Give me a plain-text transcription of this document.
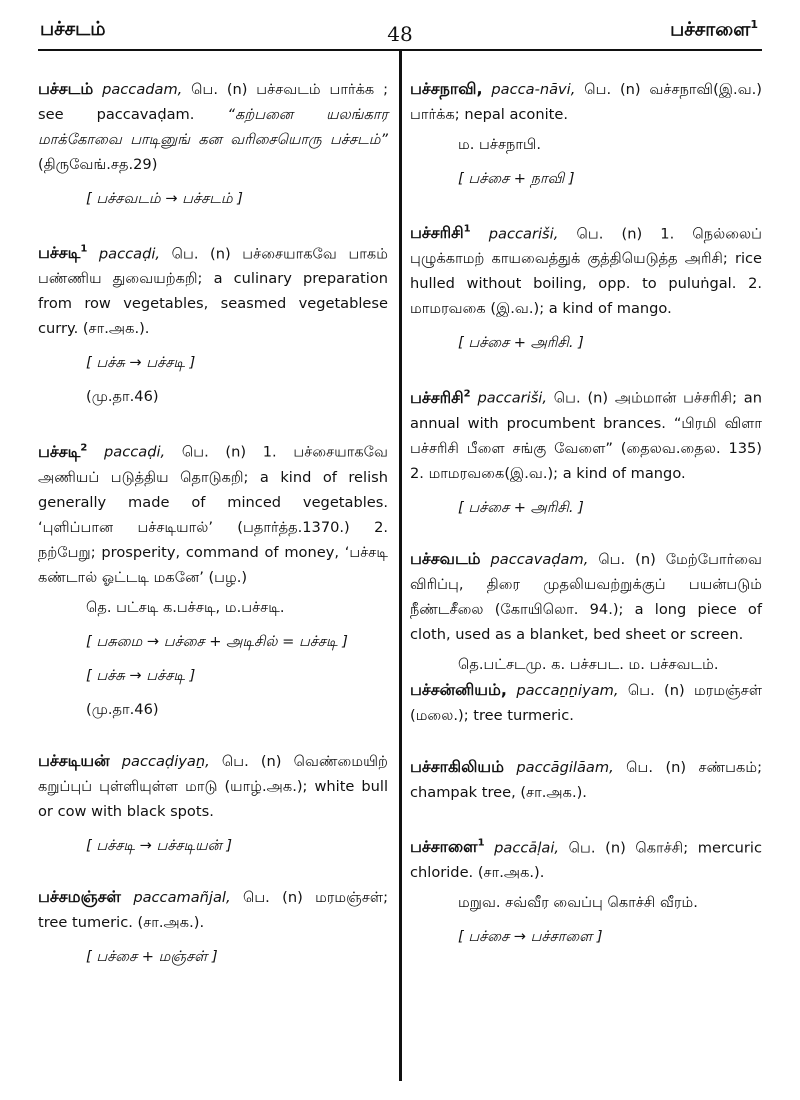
பச்சடம்	48	பச்சாளை$^1$

பச்சடம் paccadam, பெ. (n) பச்சவடம் பார்க்க ; see paccavaḍam. “கற்பனை யலங்கார மாக்கோவை பாடினுங் கன வரிசையொரு பச்சடம்” (திருவேங்.சத.29)

[ பச்சவடம் → பச்சடம் ]

பச்சடி$^1$ paccaḍi, பெ. (n) பச்சையாகவே பாகம் பண்ணிய துவையற்கறி; a culinary preparation from row vegetables, seasmed vegetablese curry. (சா.அக.).

[ பச்சு → பச்சடி ]
(மு.தா.46)

பச்சடி$^2$ paccaḍi, பெ. (n) 1. பச்சையாகவே அணியப் படுத்திய தொடுகறி; a kind of relish generally made of minced vegetables. ‘புளிப்பான பச்சடியால்’ (பதார்த்த.1370.) 2. நற்பேறு; prosperity, command of money, ‘பச்சடி கண்டால் ஓட்டடி மகனே’ (பழ.)

தெ. பட்சடி க.பச்சடி, ம.பச்சடி.
[ பசுமை → பச்சை + அடிசில் = பச்சடி ]
[ பச்சு → பச்சடி ]
(மு.தா.46)

பச்சடியன் paccaḍiyaṉ, பெ. (n) வெண்மையிற் கறுப்புப் புள்ளியுள்ள மாடு (யாழ்.அக.); white bull or cow with black spots.

[ பச்சடி → பச்சடியன் ]

பச்சமஞ்சள் paccamañjal, பெ. (n) மரமஞ்சள்; tree tumeric. (சா.அக.).

[ பச்சை + மஞ்சள் ]

பச்சநாவி, pacca-nāvi, பெ. (n) வச்சநாவி(இ.வ.) பார்க்க; nepal aconite.

ம. பச்சநாபி.
[ பச்சை + நாவி ]

பச்சரிசி$^1$ paccariši, பெ. (n) 1. நெல்லைப் புழுக்காமற் காயவைத்துக் குத்தியெடுத்த அரிசி; rice hulled without boiling, opp. to puluṅgal. 2. மாமரவகை (இ.வ.); a kind of mango.

[ பச்சை + அரிசி. ]

பச்சரிசி$^2$ paccariši, பெ. (n) அம்மான் பச்சரிசி; an annual with procumbent brances. “பிரமி விளா பச்சரிசி பீளை சங்கு வேளை” (தைலவ.தைல. 135) 2. மாமரவகை(இ.வ.); a kind of mango.

[ பச்சை + அரிசி. ]

பச்சவடம் paccavaḍam, பெ. (n) மேற்போர்வை விரிப்பு, திரை முதலியவற்றுக்குப் பயன்படும் நீண்டசீலை (கோயிலொ. 94.); a long piece of cloth, used as a blanket, bed sheet or screen.

தெ.பட்சடமு. க. பச்சபட. ம. பச்சவடம்.

பச்சன்னியம், paccaṉṉiyam, பெ. (n) மரமஞ்சள் (மலை.); tree turmeric.

பச்சாகிலியம் paccāgilāam, பெ. (n) சண்பகம்; champak tree, (சா.அக.).

பச்சாளை$^1$ paccāḷai, பெ. (n) கொச்சி; mercuric chloride. (சா.அக.).

மறுவ. சவ்வீர வைப்பு கொச்சி வீரம்.
[ பச்சை → பச்சாளை ]
